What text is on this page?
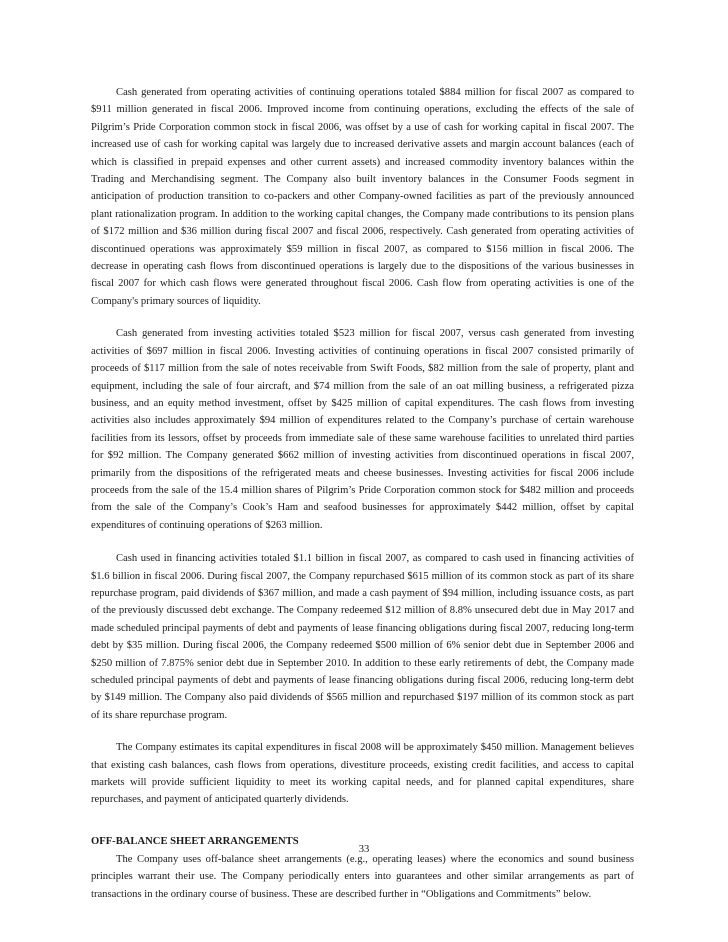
Cash generated from operating activities of continuing operations totaled $884 million for fiscal 2007 as compared to $911 million generated in fiscal 2006. Improved income from continuing operations, excluding the effects of the sale of Pilgrim’s Pride Corporation common stock in fiscal 2006, was offset by a use of cash for working capital in fiscal 2007. The increased use of cash for working capital was largely due to increased derivative assets and margin account balances (each of which is classified in prepaid expenses and other current assets) and increased commodity inventory balances within the Trading and Merchandising segment. The Company also built inventory balances in the Consumer Foods segment in anticipation of production transition to co-packers and other Company-owned facilities as part of the previously announced plant rationalization program. In addition to the working capital changes, the Company made contributions to its pension plans of $172 million and $36 million during fiscal 2007 and fiscal 2006, respectively. Cash generated from operating activities of discontinued operations was approximately $59 million in fiscal 2007, as compared to $156 million in fiscal 2006. The decrease in operating cash flows from discontinued operations is largely due to the dispositions of the various businesses in fiscal 2007 for which cash flows were generated throughout fiscal 2006. Cash flow from operating activities is one of the Company's primary sources of liquidity.

Cash generated from investing activities totaled $523 million for fiscal 2007, versus cash generated from investing activities of $697 million in fiscal 2006. Investing activities of continuing operations in fiscal 2007 consisted primarily of proceeds of $117 million from the sale of notes receivable from Swift Foods, $82 million from the sale of property, plant and equipment, including the sale of four aircraft, and $74 million from the sale of an oat milling business, a refrigerated pizza business, and an equity method investment, offset by $425 million of capital expenditures. The cash flows from investing activities also includes approximately $94 million of expenditures related to the Company’s purchase of certain warehouse facilities from its lessors, offset by proceeds from immediate sale of these same warehouse facilities to unrelated third parties for $92 million. The Company generated $662 million of investing activities from discontinued operations in fiscal 2007, primarily from the dispositions of the refrigerated meats and cheese businesses. Investing activities for fiscal 2006 include proceeds from the sale of the 15.4 million shares of Pilgrim’s Pride Corporation common stock for $482 million and proceeds from the sale of the Company’s Cook’s Ham and seafood businesses for approximately $442 million, offset by capital expenditures of continuing operations of $263 million.

Cash used in financing activities totaled $1.1 billion in fiscal 2007, as compared to cash used in financing activities of $1.6 billion in fiscal 2006. During fiscal 2007, the Company repurchased $615 million of its common stock as part of its share repurchase program, paid dividends of $367 million, and made a cash payment of $94 million, including issuance costs, as part of the previously discussed debt exchange. The Company redeemed $12 million of 8.8% unsecured debt due in May 2017 and made scheduled principal payments of debt and payments of lease financing obligations during fiscal 2007, reducing long-term debt by $35 million. During fiscal 2006, the Company redeemed $500 million of 6% senior debt due in September 2006 and $250 million of 7.875% senior debt due in September 2010. In addition to these early retirements of debt, the Company made scheduled principal payments of debt and payments of lease financing obligations during fiscal 2006, reducing long-term debt by $149 million. The Company also paid dividends of $565 million and repurchased $197 million of its common stock as part of its share repurchase program.

The Company estimates its capital expenditures in fiscal 2008 will be approximately $450 million. Management believes that existing cash balances, cash flows from operations, divestiture proceeds, existing credit facilities, and access to capital markets will provide sufficient liquidity to meet its working capital needs, and for planned capital expenditures, share repurchases, and payment of anticipated quarterly dividends.

OFF-BALANCE SHEET ARRANGEMENTS

The Company uses off-balance sheet arrangements (e.g., operating leases) where the economics and sound business principles warrant their use. The Company periodically enters into guarantees and other similar arrangements as part of transactions in the ordinary course of business. These are described further in “Obligations and Commitments” below.

33
